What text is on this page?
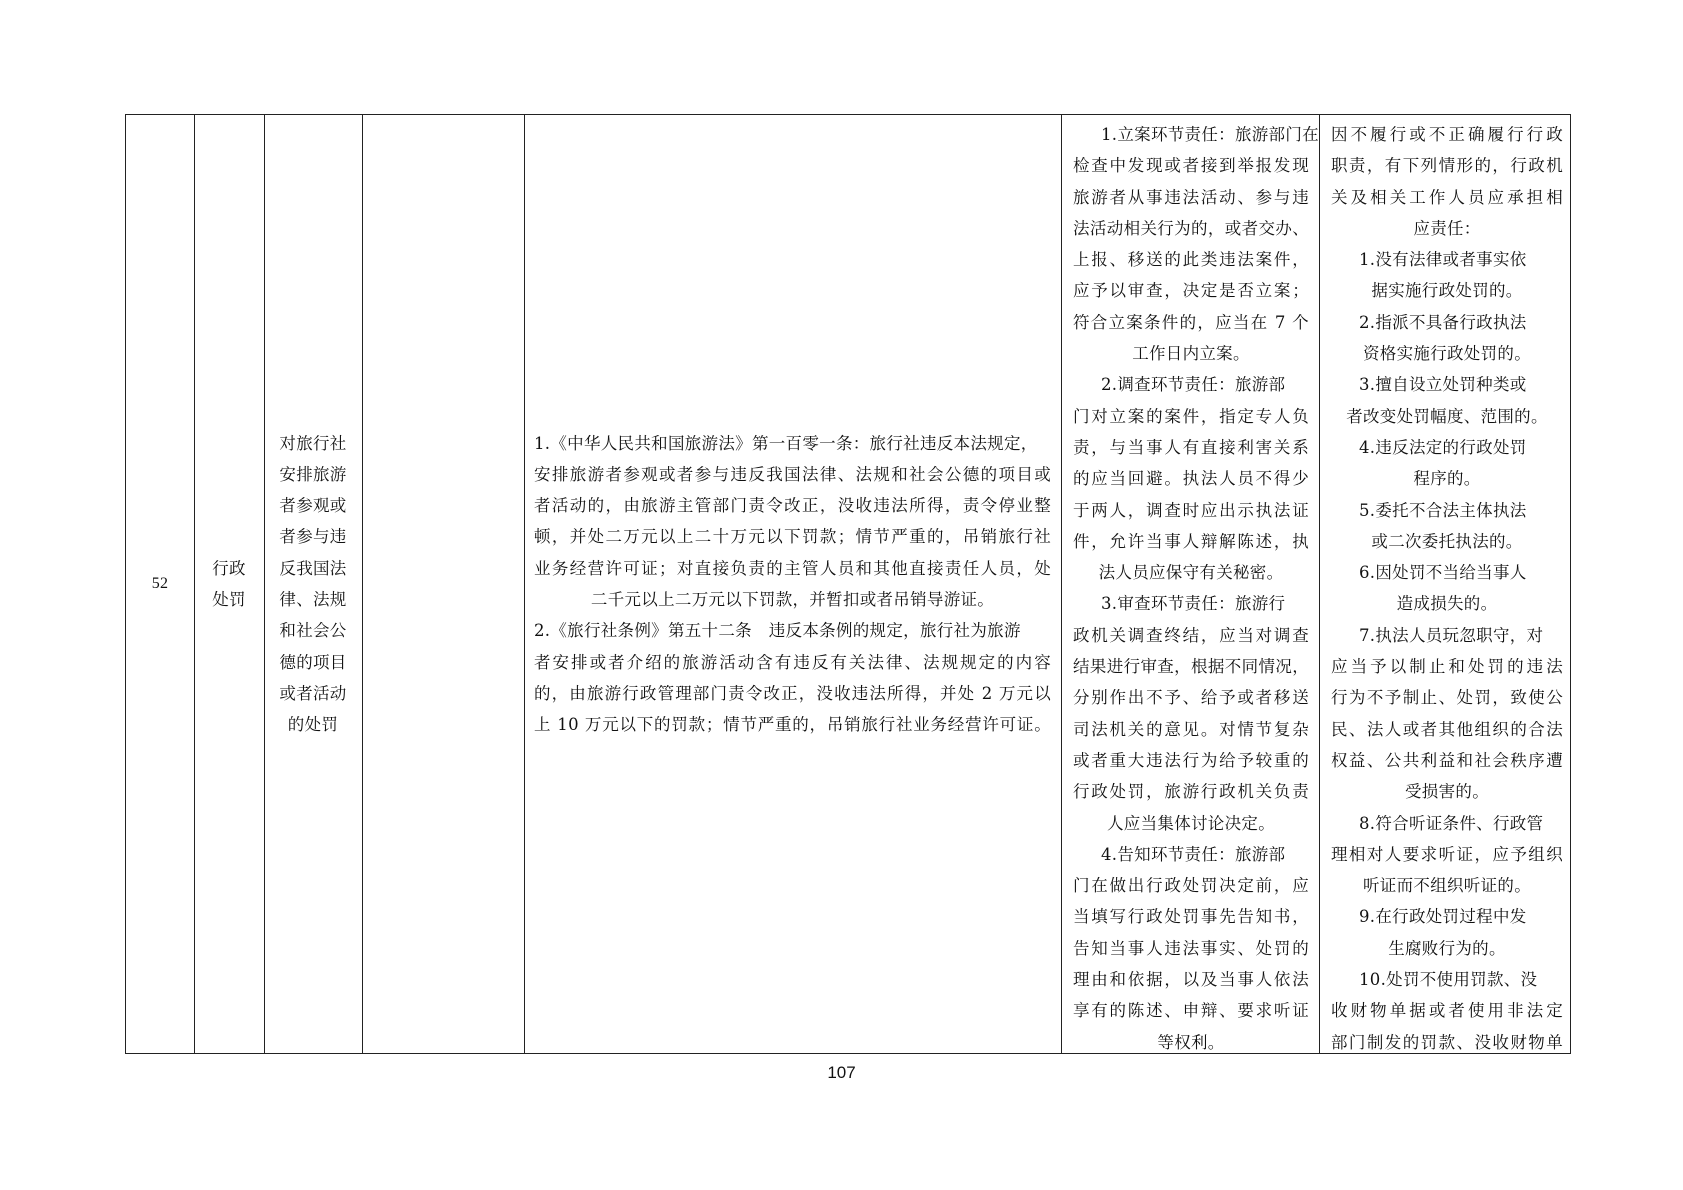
52
行政
处罚
对旅行社
安排旅游
者参观或
者参与违
反我国法
律、法规
和社会公
德的项目
或者活动
的处罚
1.《中华人民共和国旅游法》第一百零一条：旅行社违反本法规定，
安排旅游者参观或者参与违反我国法律、法规和社会公德的项目或
者活动的，由旅游主管部门责令改正，没收违法所得，责令停业整
顿，并处二万元以上二十万元以下罚款；情节严重的，吊销旅行社
业务经营许可证；对直接负责的主管人员和其他直接责任人员，处
二千元以上二万元以下罚款，并暂扣或者吊销导游证。
2.《旅行社条例》第五十二条　违反本条例的规定，旅行社为旅游
者安排或者介绍的旅游活动含有违反有关法律、法规规定的内容
的，由旅游行政管理部门责令改正，没收违法所得，并处 2 万元以
上 10 万元以下的罚款；情节严重的，吊销旅行社业务经营许可证。
1.立案环节责任：旅游部门在
检查中发现或者接到举报发现
旅游者从事违法活动、参与违
法活动相关行为的，或者交办、
上报、移送的此类违法案件，
应予以审查，决定是否立案；
符合立案条件的，应当在 7 个
工作日内立案。
2.调查环节责任：旅游部
门对立案的案件，指定专人负
责，与当事人有直接利害关系
的应当回避。执法人员不得少
于两人，调查时应出示执法证
件，允许当事人辩解陈述，执
法人员应保守有关秘密。
3.审查环节责任：旅游行
政机关调查终结，应当对调查
结果进行审查，根据不同情况，
分别作出不予、给予或者移送
司法机关的意见。对情节复杂
或者重大违法行为给予较重的
行政处罚，旅游行政机关负责
人应当集体讨论决定。
4.告知环节责任：旅游部
门在做出行政处罚决定前，应
当填写行政处罚事先告知书，
告知当事人违法事实、处罚的
理由和依据，以及当事人依法
享有的陈述、申辩、要求听证
等权利。
因不履行或不正确履行行政
职责，有下列情形的，行政机
关及相关工作人员应承担相
应责任：
1.没有法律或者事实依
据实施行政处罚的。
2.指派不具备行政执法
资格实施行政处罚的。
3.擅自设立处罚种类或
者改变处罚幅度、范围的。
4.违反法定的行政处罚
程序的。
5.委托不合法主体执法
或二次委托执法的。
6.因处罚不当给当事人
造成损失的。
7.执法人员玩忽职守，对
应当予以制止和处罚的违法
行为不予制止、处罚，致使公
民、法人或者其他组织的合法
权益、公共利益和社会秩序遭
受损害的。
8.符合听证条件、行政管
理相对人要求听证，应予组织
听证而不组织听证的。
9.在行政处罚过程中发
生腐败行为的。
10.处罚不使用罚款、没
收财物单据或者使用非法定
部门制发的罚款、没收财物单
107
